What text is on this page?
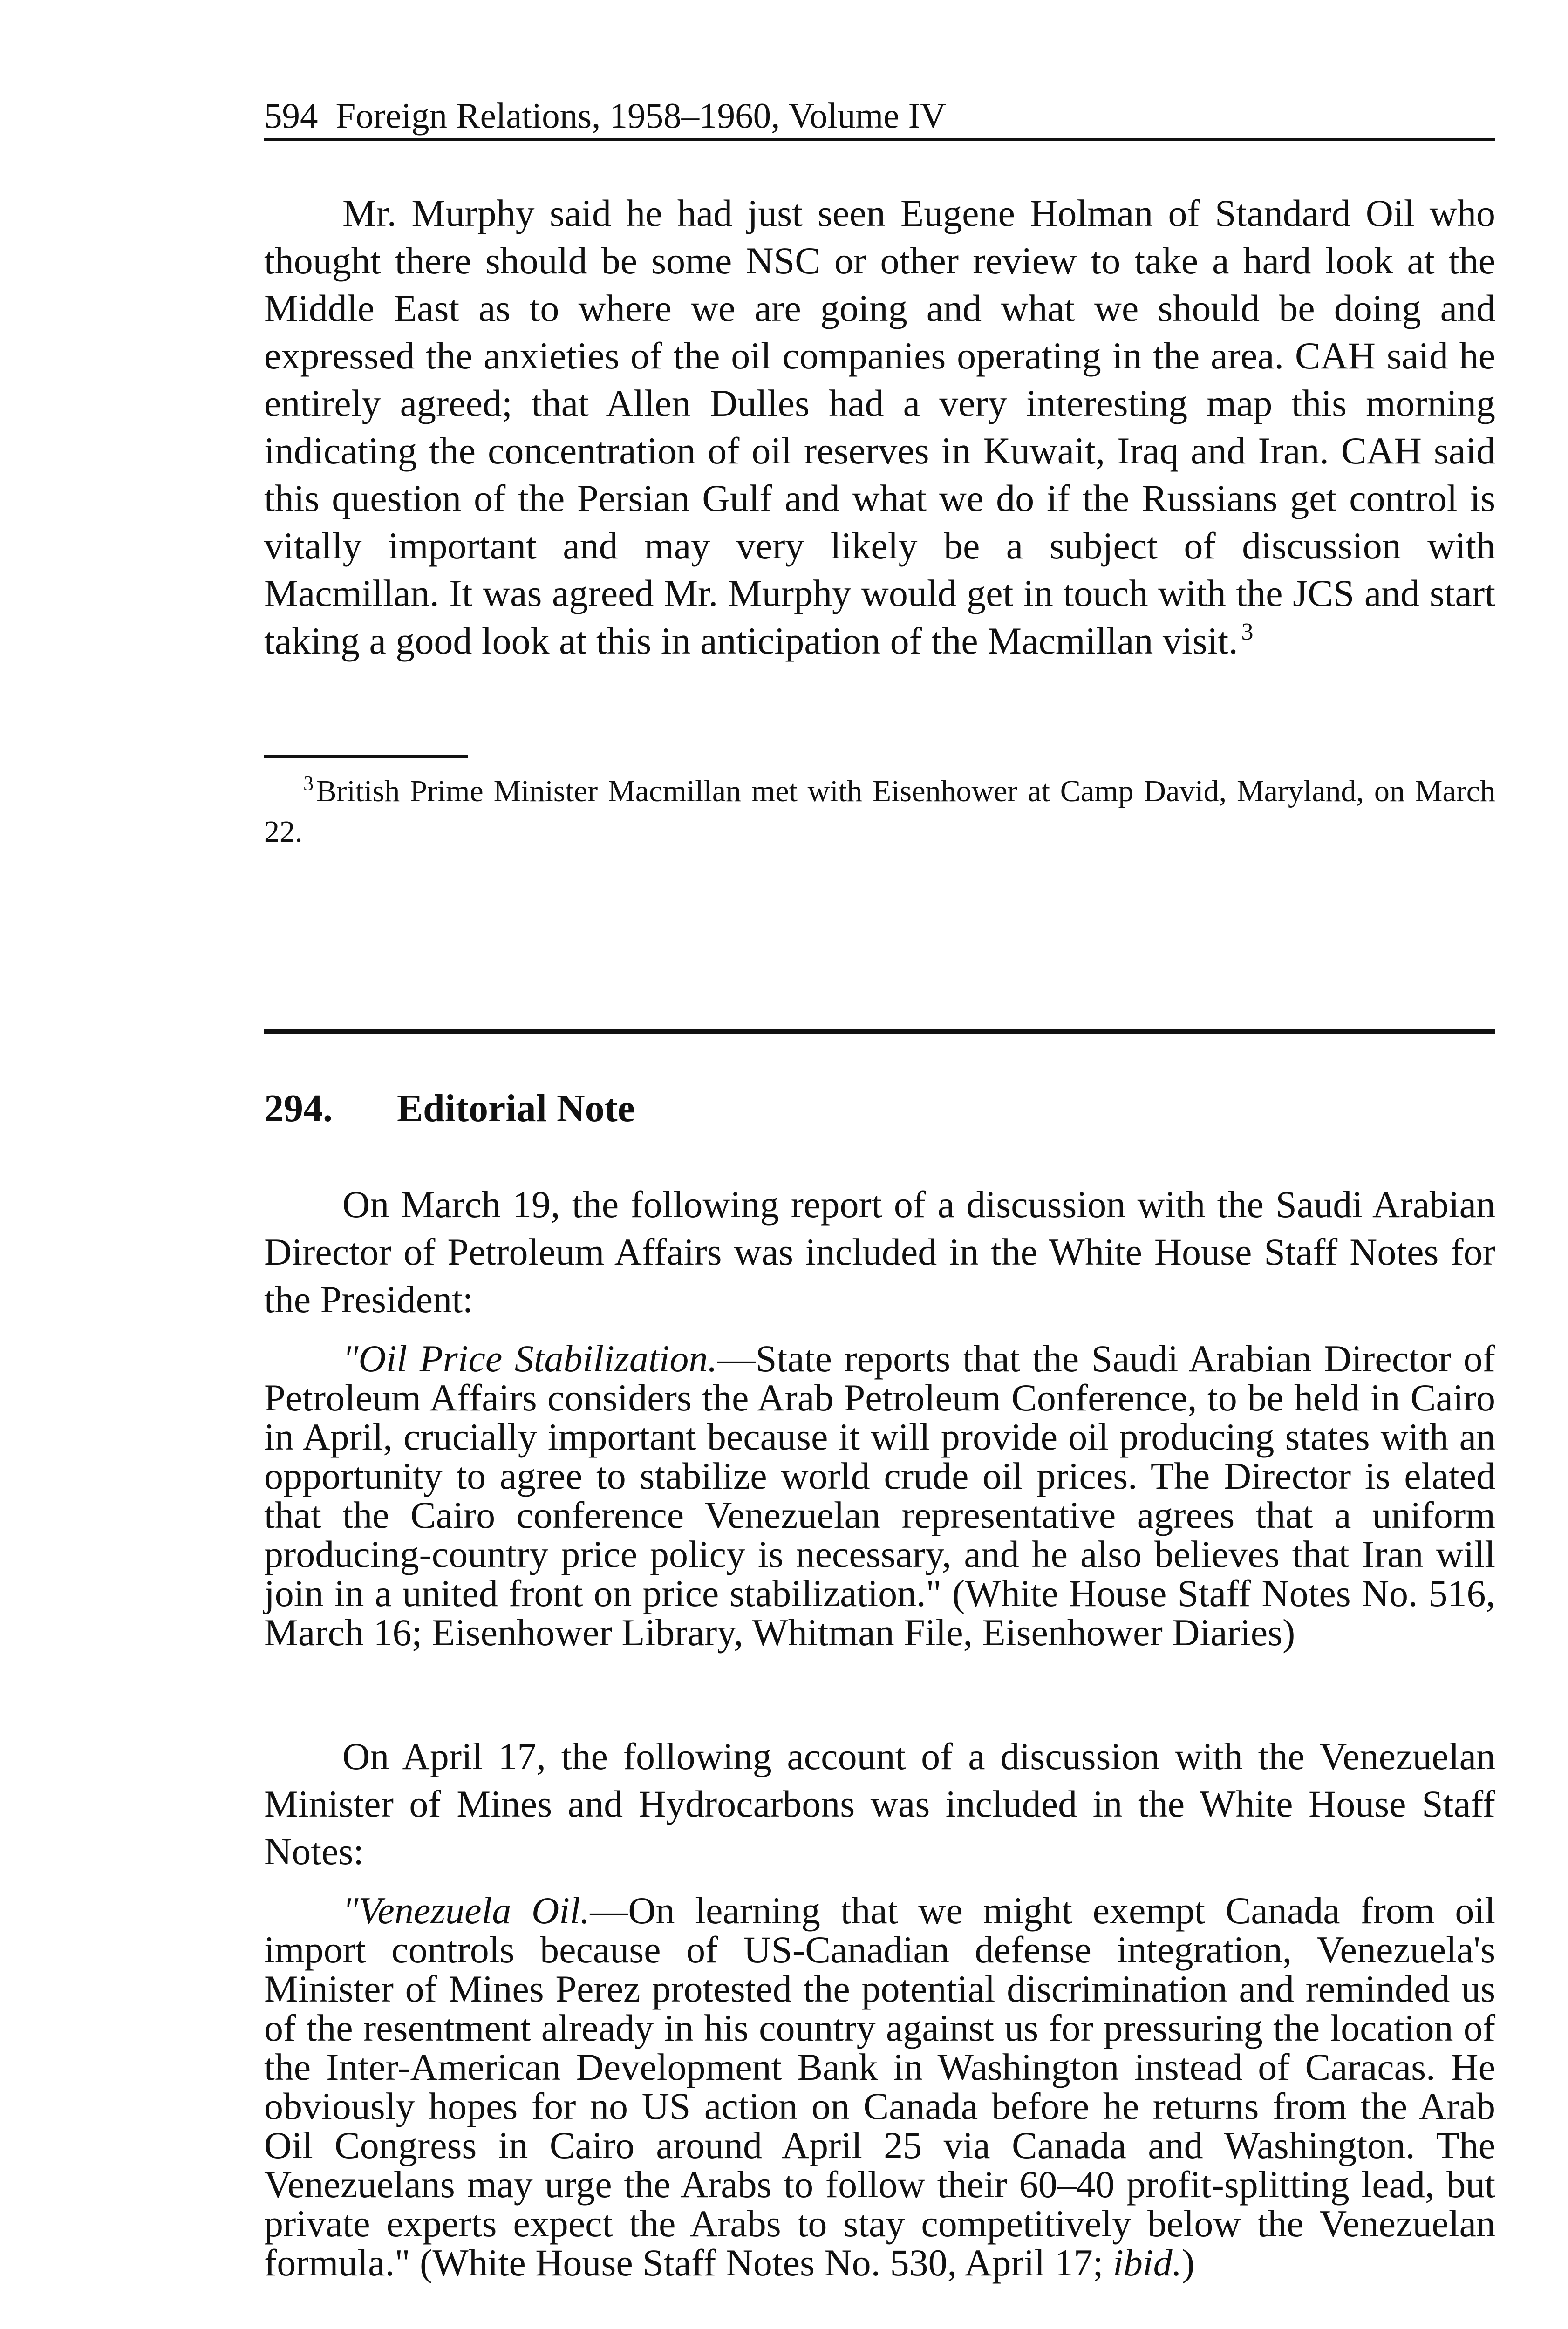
594 Foreign Relations, 1958–1960, Volume IV

Mr. Murphy said he had just seen Eugene Holman of Standard Oil who thought there should be some NSC or other review to take a hard look at the Middle East as to where we are going and what we should be doing and expressed the anxieties of the oil companies operating in the area. CAH said he entirely agreed; that Allen Dulles had a very interesting map this morning indicating the concentration of oil reserves in Kuwait, Iraq and Iran. CAH said this question of the Persian Gulf and what we do if the Russians get control is vitally important and may very likely be a subject of discussion with Macmillan. It was agreed Mr. Murphy would get in touch with the JCS and start taking a good look at this in anticipation of the Macmillan visit.  $^3$

$^3$ British Prime Minister Macmillan met with Eisenhower at Camp David, Maryland, on March 22.

294. Editorial Note

On March 19, the following report of a discussion with the Saudi Arabian Director of Petroleum Affairs was included in the White House Staff Notes for the President:

"Oil Price Stabilization.—State reports that the Saudi Arabian Director of Petroleum Affairs considers the Arab Petroleum Conference, to be held in Cairo in April, crucially important because it will provide oil producing states with an opportunity to agree to stabilize world crude oil prices. The Director is elated that the Cairo conference Venezuelan representative agrees that a uniform producing-country price policy is necessary, and he also believes that Iran will join in a united front on price stabilization." (White House Staff Notes No. 516, March 16; Eisenhower Library, Whitman File, Eisenhower Diaries)

On April 17, the following account of a discussion with the Venezuelan Minister of Mines and Hydrocarbons was included in the White House Staff Notes:

"Venezuela Oil.—On learning that we might exempt Canada from oil import controls because of US-Canadian defense integration, Venezuela's Minister of Mines Perez protested the potential discrimination and reminded us of the resentment already in his country against us for pressuring the location of the Inter-American Development Bank in Washington instead of Caracas. He obviously hopes for no US action on Canada before he returns from the Arab Oil Congress in Cairo around April 25 via Canada and Washington. The Venezuelans may urge the Arabs to follow their 60–40 profit-splitting lead, but private experts expect the Arabs to stay competitively below the Venezuelan formula." (White House Staff Notes No. 530, April 17; ibid.)
